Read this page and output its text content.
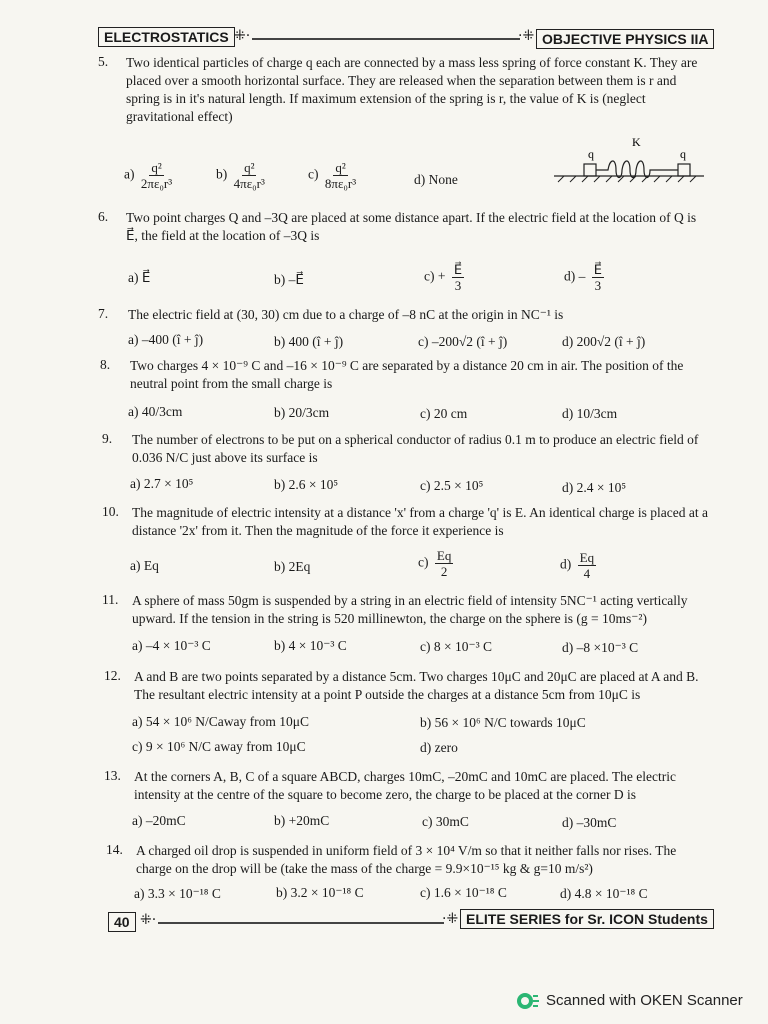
ELECTROSTATICS ⁜·	·⁜ OBJECTIVE PHYSICS IIA
5. Two identical particles of charge q each are connected by a mass less spring of force constant K. They are placed over a smooth horizontal surface. They are released when the separation between them is r and spring is in it's natural length. If maximum extension of the spring is r, the value of K is (neglect gravitational effect)
$a) \frac{\text{q²}}{\text{2πε₀r³}}$	$b) \frac{\text{q²}}{\text{4πε₀r³}}$	$c) \frac{\text{q²}}{\text{8πε₀r³}}$	d) None
K
q	q
6. Two point charges Q and –3Q are placed at some distance apart. If the electric field at the location of Q is E⃗, the field at the location of –3Q is
a) E⃗	b) –E⃗	$c) + \frac{E⃗}{3}$	$d) - \frac{E⃗}{3}$
7. The electric field at (30, 30) cm due to a charge of –8 nC at the origin in NC⁻¹ is
a) –400 (î + ĵ)	b) 400 (î + ĵ)	c) –200√2 (î + ĵ)	d) 200√2 (î + ĵ)
8. Two charges 4 × 10⁻⁹ C and –16 × 10⁻⁹ C are separated by a distance 20 cm in air. The position of the neutral point from the small charge is
a) 40/3cm	b) 20/3cm	c) 20 cm	d) 10/3cm
9. The number of electrons to be put on a spherical conductor of radius 0.1 m to produce an electric field of 0.036 N/C just above its surface is
a) 2.7 × 10⁵	b) 2.6 × 10⁵	c) 2.5 × 10⁵	d) 2.4 × 10⁵
10. The magnitude of electric intensity at a distance 'x' from a charge 'q' is E. An identical charge is placed at a distance '2x' from it. Then the magnitude of the force it experience is
a) Eq	b) 2Eq	$c) \frac{Eq}{2}$	$d) \frac{Eq}{4}$
11. A sphere of mass 50gm is suspended by a string in an electric field of intensity 5NC⁻¹ acting vertically upward. If the tension in the string is 520 millinewton, the charge on the sphere is (g = 10ms⁻²)
a) –4 × 10⁻³ C	b) 4 × 10⁻³ C	c) 8 × 10⁻³ C	d) –8 ×10⁻³ C
12. A and B are two points separated by a distance 5cm. Two charges 10μC and 20μC are placed at A and B. The resultant electric intensity at a point P outside the charges at a distance 5cm from 10μC is
a) 54 × 10⁶ N/Caway from 10μC	b) 56 × 10⁶ N/C towards 10μC
c) 9 × 10⁶ N/C away from 10μC	d) zero
13. At the corners A, B, C of a square ABCD, charges 10mC, –20mC and 10mC are placed. The electric intensity at the centre of the square to become zero, the charge to be placed at the corner D is
a) –20mC	b) +20mC	c) 30mC	d) –30mC
14. A charged oil drop is suspended in uniform field of 3 × 10⁴ V/m so that it neither falls nor rises. The charge on the drop will be (take the mass of the charge = 9.9×10⁻¹⁵ kg & g=10 m/s²)
a) 3.3 × 10⁻¹⁸ C	b) 3.2 × 10⁻¹⁸ C	c) 1.6 × 10⁻¹⁸ C	d) 4.8 × 10⁻¹⁸ C
40 ⁜·	·⁜ ELITE SERIES for Sr. ICON Students
Scanned with OKEN Scanner
